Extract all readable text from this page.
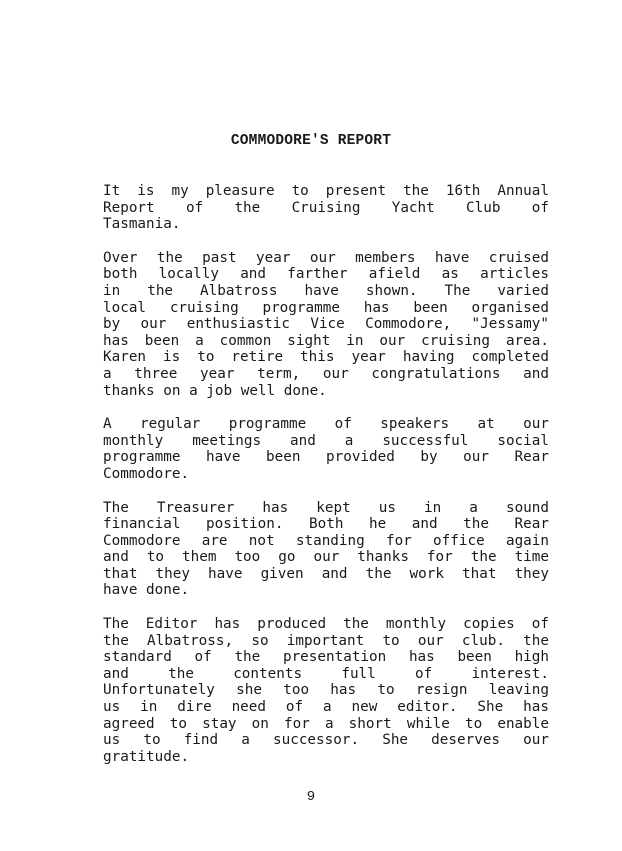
COMMODORE'S REPORT

It is my pleasure to present the 16th Annual
Report of the Cruising Yacht Club of
Tasmania.

Over the past year our members have cruised
both locally and farther afield as articles
in the Albatross have shown. The varied
local cruising programme has been organised
by our enthusiastic Vice Commodore, "Jessamy"
has been a common sight in our cruising area.
Karen is to retire this year having completed
a three year term, our congratulations and
thanks on a job well done.

A regular programme of speakers at our
monthly meetings and a successful social
programme have been provided by our Rear
Commodore.

The Treasurer has kept us in a sound
financial position. Both he and the Rear
Commodore are not standing for office again
and to them too go our thanks for the time
that they have given and the work that they
have done.

The Editor has produced the monthly copies of
the Albatross, so important to our club. the
standard of the presentation has been high
and the contents full of interest.
Unfortunately she too has to resign leaving
us in dire need of a new editor. She has
agreed to stay on for a short while to enable
us to find a successor. She deserves our
gratitude.

9
